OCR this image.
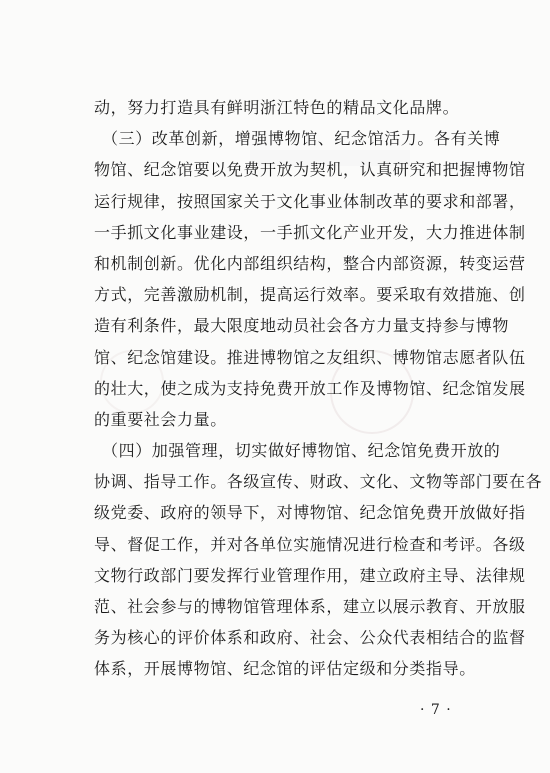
动，努力打造具有鲜明浙江特色的精品文化品牌。
（三）改革创新，增强博物馆、纪念馆活力。各有关博
物馆、纪念馆要以免费开放为契机，认真研究和把握博物馆
运行规律，按照国家关于文化事业体制改革的要求和部署，
一手抓文化事业建设，一手抓文化产业开发，大力推进体制
和机制创新。优化内部组织结构，整合内部资源，转变运营
方式，完善激励机制，提高运行效率。要采取有效措施、创
造有利条件，最大限度地动员社会各方力量支持参与博物
馆、纪念馆建设。推进博物馆之友组织、博物馆志愿者队伍
的壮大，使之成为支持免费开放工作及博物馆、纪念馆发展
的重要社会力量。
（四）加强管理，切实做好博物馆、纪念馆免费开放的
协调、指导工作。各级宣传、财政、文化、文物等部门要在各
级党委、政府的领导下，对博物馆、纪念馆免费开放做好指
导、督促工作，并对各单位实施情况进行检查和考评。各级
文物行政部门要发挥行业管理作用，建立政府主导、法律规
范、社会参与的博物馆管理体系，建立以展示教育、开放服
务为核心的评价体系和政府、社会、公众代表相结合的监督
体系，开展博物馆、纪念馆的评估定级和分类指导。
· 7 ·
